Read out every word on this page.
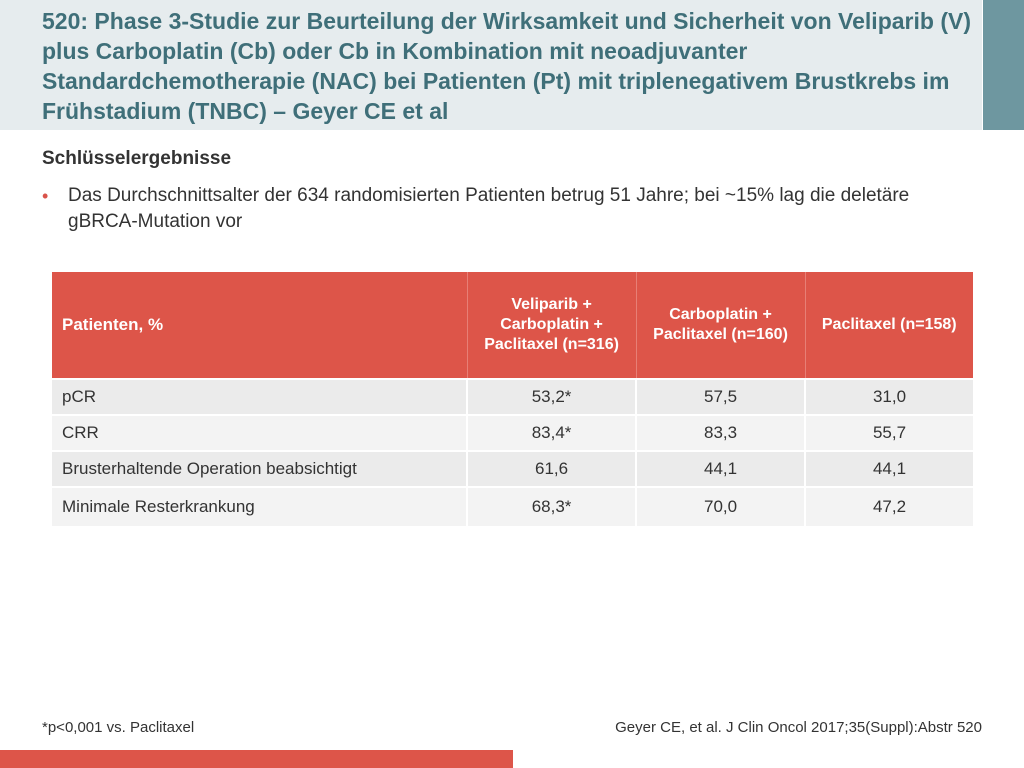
520: Phase 3-Studie zur Beurteilung der Wirksamkeit und Sicherheit von Veliparib (V) plus Carboplatin (Cb) oder Cb in Kombination mit neoadjuvanter Standardchemotherapie (NAC) bei Patienten (Pt) mit triplenegativem Brustkrebs im Frühstadium (TNBC) – Geyer CE et al
Schlüsselergebnisse
•	Das Durchschnittsalter der 634 randomisierten Patienten betrug 51 Jahre; bei ~15% lag die deletäre gBRCA-Mutation vor
Patienten, %	Veliparib + Carboplatin + Paclitaxel (n=316)	Carboplatin + Paclitaxel (n=160)	Paclitaxel (n=158)
pCR	53,2*	57,5	31,0
CRR	83,4*	83,3	55,7
Brusterhaltende Operation beabsichtigt	61,6	44,1	44,1
Minimale Resterkrankung	68,3*	70,0	47,2
*p<0,001 vs. Paclitaxel	Geyer CE, et al. J Clin Oncol 2017;35(Suppl):Abstr 520
